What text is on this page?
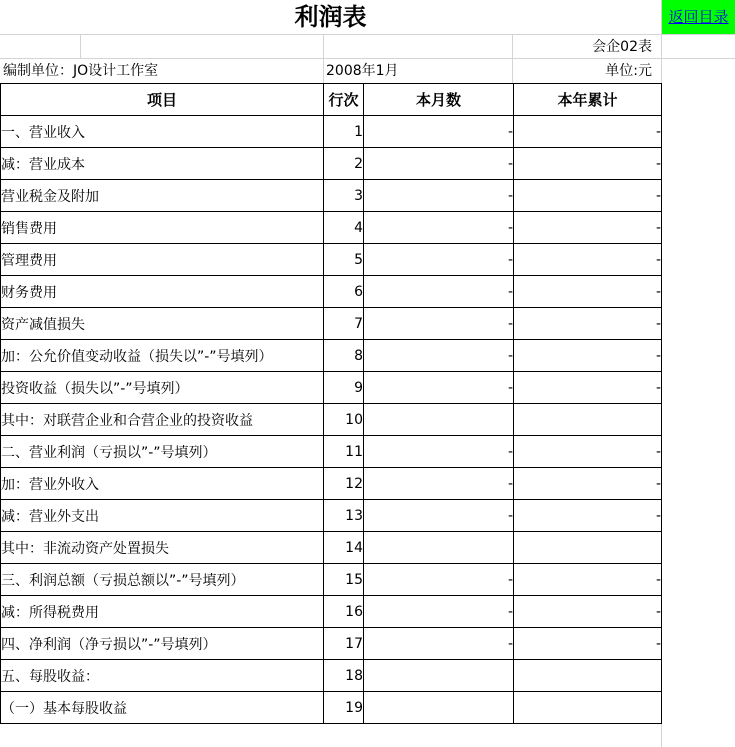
利润表	返回目录
会企02表
编制单位：JO设计工作室	2008年1月	单位:元
项目	行次	本月数	本年累计
一、营业收入	1	-	-
减：营业成本	2	-	-
营业税金及附加	3	-	-
销售费用	4	-	-
管理费用	5	-	-
财务费用	6	-	-
资产减值损失	7	-	-
加：公允价值变动收益（损失以”-”号填列）	8	-	-
投资收益（损失以”-”号填列）	9	-	-
其中：对联营企业和合营企业的投资收益	10		
二、营业利润（亏损以”-”号填列）	11	-	-
加：营业外收入	12	-	-
减：营业外支出	13	-	-
其中：非流动资产处置损失	14		
三、利润总额（亏损总额以”-”号填列）	15	-	-
减：所得税费用	16	-	-
四、净利润（净亏损以”-”号填列）	17	-	-
五、每股收益：	18		
（一）基本每股收益	19		
